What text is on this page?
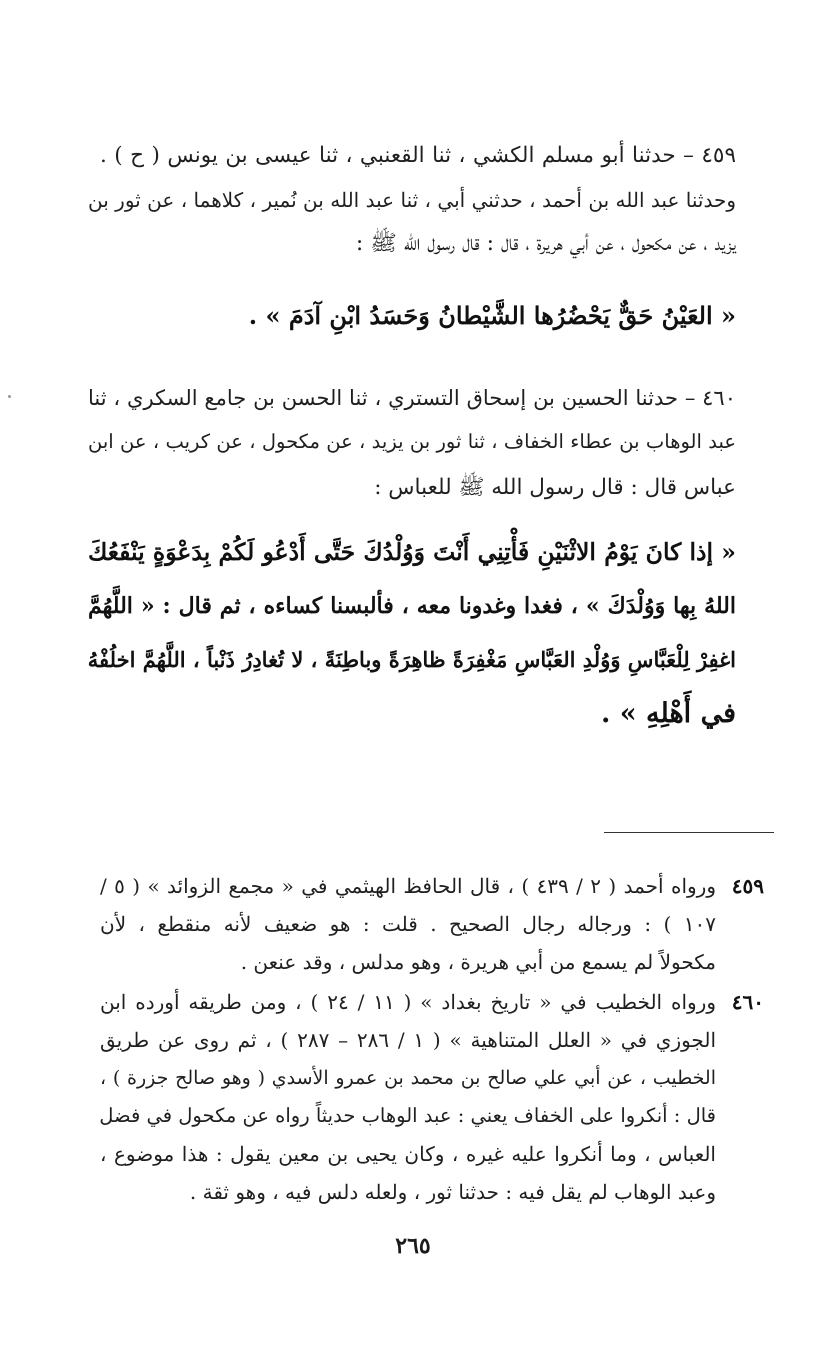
٤٥٩ – حدثنا أبو مسلم الكشي ، ثنا القعنبي ، ثنا عيسى بن يونس ( ح ) .
وحدثنا عبد الله بن أحمد ، حدثني أبي ، ثنا عبد الله بن نُمير ، كلاهما ، عن ثور بن
يزيد ، عن مكحول ، عن أبي هريرة ، قال : قال رسول الله ﷺ :
« العَيْنُ حَقٌّ يَحْضُرُها الشَّيْطانُ وَحَسَدُ ابْنِ آدَمَ » .
٤٦٠ – حدثنا الحسين بن إسحاق التستري ، ثنا الحسن بن جامع السكري ، ثنا
عبد الوهاب بن عطاء الخفاف ، ثنا ثور بن يزيد ، عن مكحول ، عن كريب ، عن ابن
عباس قال : قال رسول الله ﷺ للعباس :
« إذا كانَ يَوْمُ الاثْنَيْنِ فَأْتِنِي أَنْتَ وَوُلْدُكَ حَتَّى أَدْعُو لَكُمْ بِدَعْوَةٍ يَنْفَعُكَ
اللهُ بِها وَوُلْدَكَ » ، فغدا وغدونا معه ، فألبسنا كساءه ، ثم قال : « اللَّهُمَّ
اغفِرْ لِلْعَبَّاسِ وَوُلْدِ العَبَّاسِ مَغْفِرَةً ظاهِرَةً وباطِنَةً ، لا تُغادِرُ ذَنْباً ، اللَّهُمَّ اخلُفْهُ
في أَهْلِهِ » .
٤٥٩
ورواه أحمد ( ٢ / ٤٣٩ ) ، قال الحافظ الهيثمي في « مجمع الزوائد » ( ٥ /
١٠٧ ) : ورجاله رجال الصحيح . قلت : هو ضعيف لأنه منقطع ، لأن
مكحولاً لم يسمع من أبي هريرة ، وهو مدلس ، وقد عنعن .
٤٦٠
ورواه الخطيب في « تاريخ بغداد » ( ١١ / ٢٤ ) ، ومن طريقه أورده ابن
الجوزي في « العلل المتناهية » ( ١ / ٢٨٦ – ٢٨٧ ) ، ثم روى عن طريق
الخطيب ، عن أبي علي صالح بن محمد بن عمرو الأسدي ( وهو صالح جزرة ) ،
قال : أنكروا على الخفاف يعني : عبد الوهاب حديثاً رواه عن مكحول في فضل
العباس ، وما أنكروا عليه غيره ، وكان يحيى بن معين يقول : هذا موضوع ،
وعبد الوهاب لم يقل فيه : حدثنا ثور ، ولعله دلس فيه ، وهو ثقة .
٢٦٥
